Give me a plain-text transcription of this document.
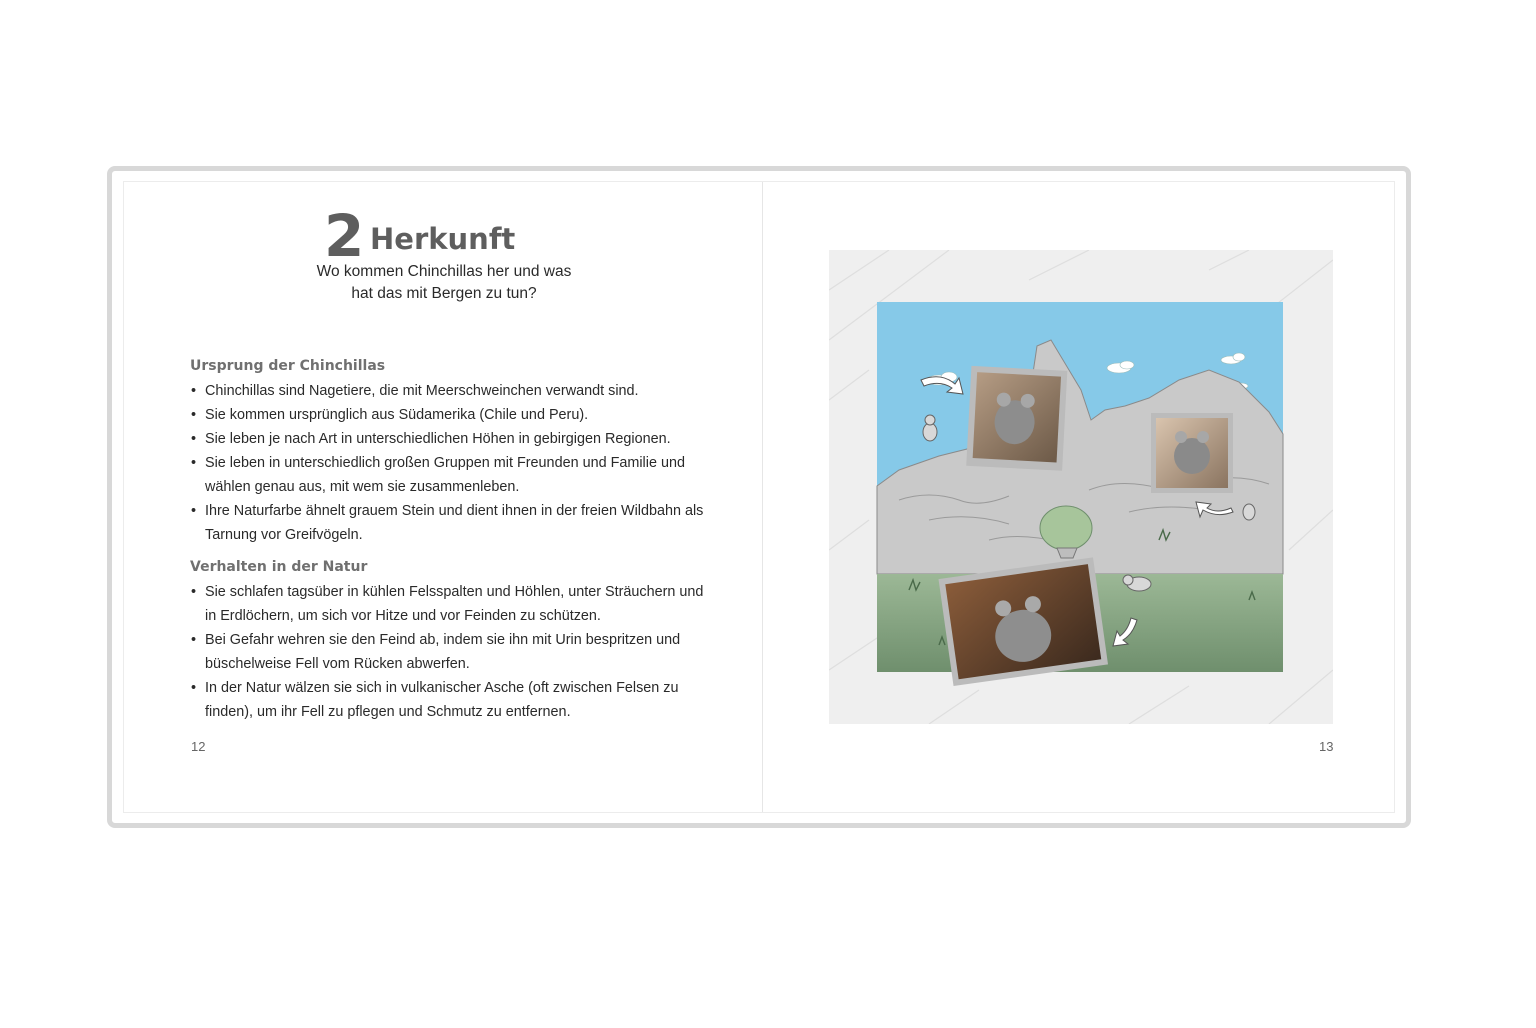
2 Herkunft
Wo kommen Chinchillas her und was
hat das mit Bergen zu tun?
Ursprung der Chinchillas
• Chinchillas sind Nagetiere, die mit Meerschweinchen verwandt sind.
• Sie kommen ursprünglich aus Südamerika (Chile und Peru).
• Sie leben je nach Art in unterschiedlichen Höhen in gebirgigen Regionen.
• Sie leben in unterschiedlich großen Gruppen mit Freunden und Familie und wählen genau aus, mit wem sie zusammenleben.
• Ihre Naturfarbe ähnelt grauem Stein und dient ihnen in der freien Wildbahn als Tarnung vor Greifvögeln.
Verhalten in der Natur
• Sie schlafen tagsüber in kühlen Felsspalten und Höhlen, unter Sträuchern und in Erdlöchern, um sich vor Hitze und vor Feinden zu schützen.
• Bei Gefahr wehren sie den Feind ab, indem sie ihn mit Urin bespritzen und büschelweise Fell vom Rücken abwerfen.
• In der Natur wälzen sie sich in vulkanischer Asche (oft zwischen Felsen zu finden), um ihr Fell zu pflegen und Schmutz zu entfernen.
12	13
